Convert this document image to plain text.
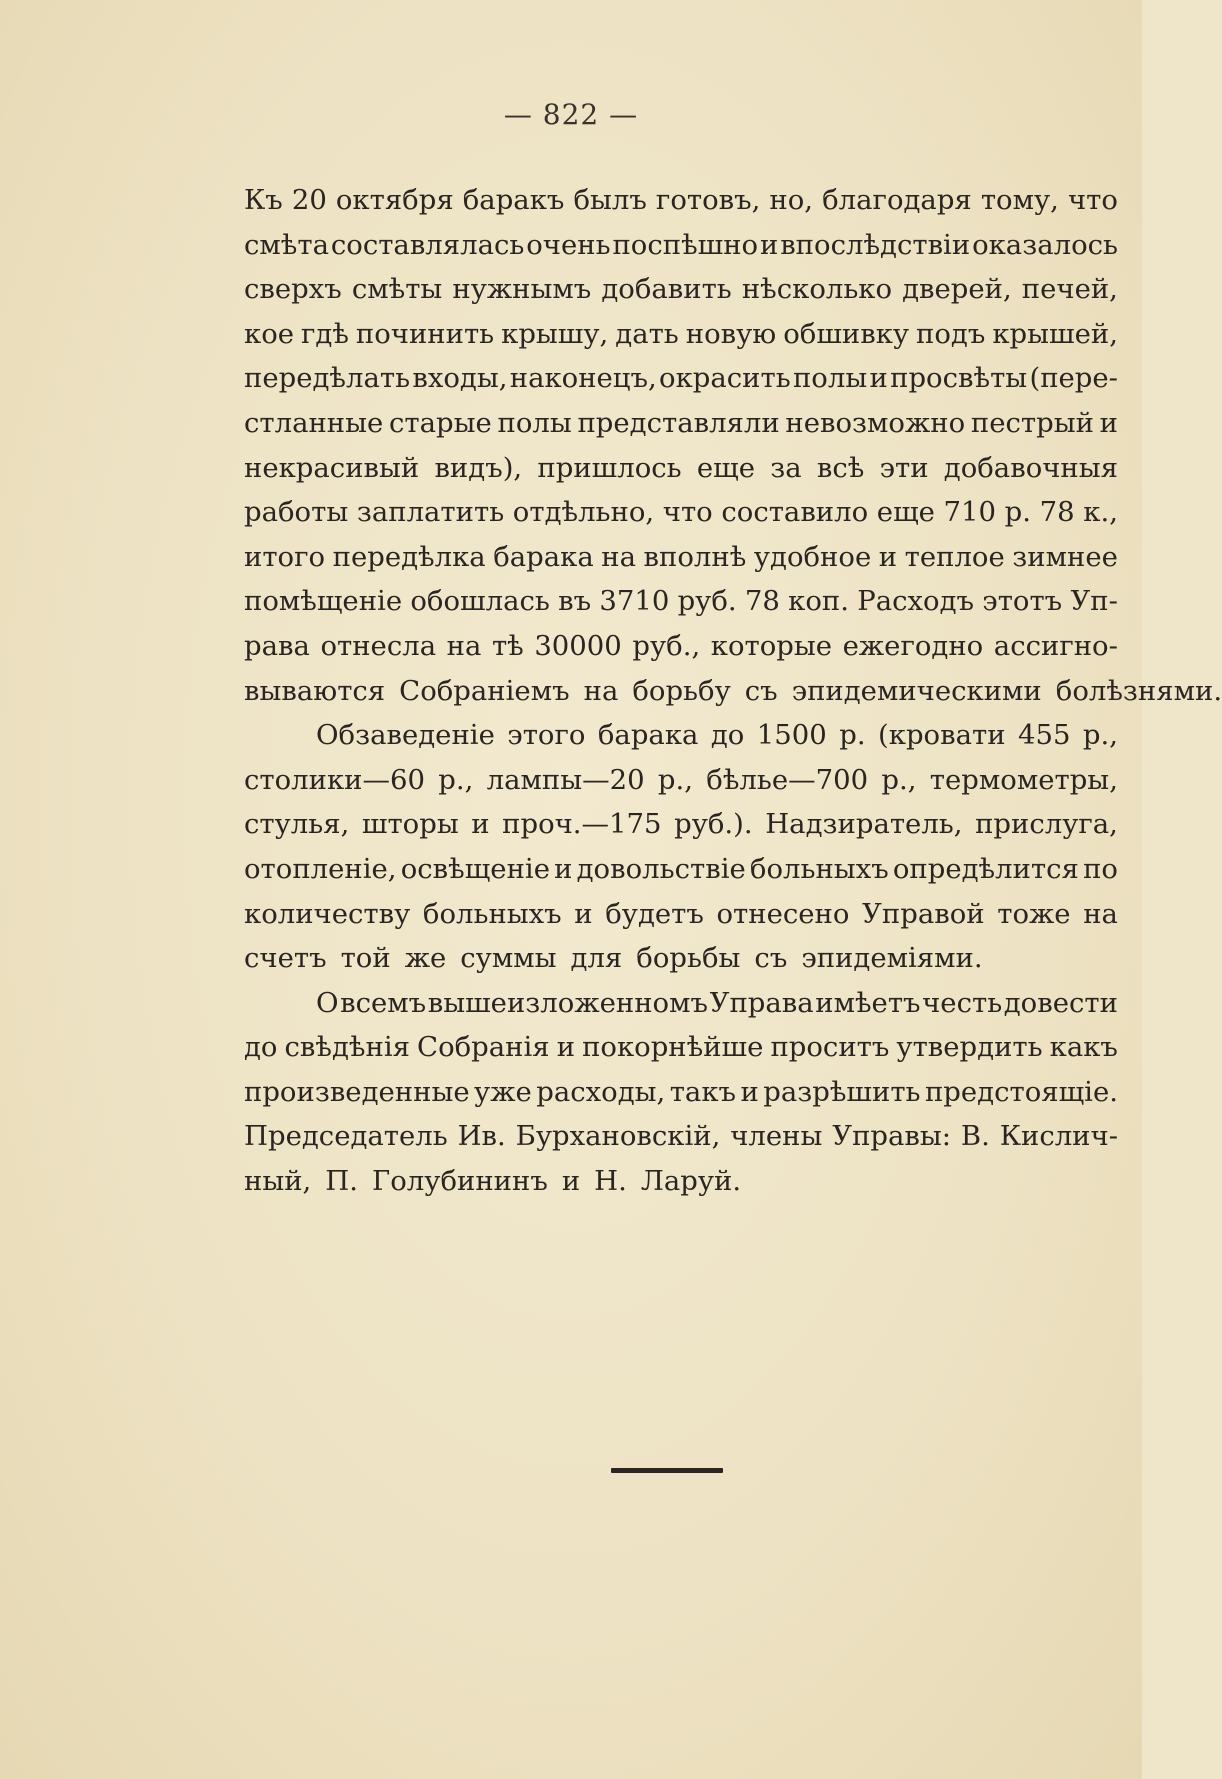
— 822 —
Къ 20 октября баракъ былъ готовъ, но, благодаря тому, что
смѣта составлялась очень поспѣшно и впослѣдствіи оказалось
сверхъ смѣты нужнымъ добавить нѣсколько дверей, печей,
кое гдѣ починить крышу, дать новую обшивку подъ крышей,
передѣлать входы, наконецъ, окрасить полы и просвѣты (пере-
стланные старые полы представляли невозможно пестрый и
некрасивый видъ), пришлось еще за всѣ эти добавочныя
работы заплатить отдѣльно, что составило еще 710 р. 78 к.,
итого передѣлка барака на вполнѣ удобное и теплое зимнее
помѣщеніе обошлась въ 3710 руб. 78 коп. Расходъ этотъ Уп-
рава отнесла на тѣ 30000 руб., которые ежегодно ассигно-
вываются Собраніемъ на борьбу съ эпидемическими болѣзнями.
Обзаведеніе этого барака до 1500 р. (кровати 455 р.,
столики—60 р., лампы—20 р., бѣлье—700 р., термометры,
стулья, шторы и проч.—175 руб.). Надзиратель, прислуга,
отопленіе, освѣщеніе и довольствіе больныхъ опредѣлится по
количеству больныхъ и будетъ отнесено Управой тоже на
счетъ той же суммы для борьбы съ эпидеміями.
О всемъ вышеизложенномъ Управа имѣетъ честь довести
до свѣдѣнія Собранія и покорнѣйше проситъ утвердить какъ
произведенные уже расходы, такъ и разрѣшить предстоящіе.
Председатель Ив. Бурхановскій, члены Управы: В. Кислич-
ный, П. Голубининъ и Н. Ларуй.
